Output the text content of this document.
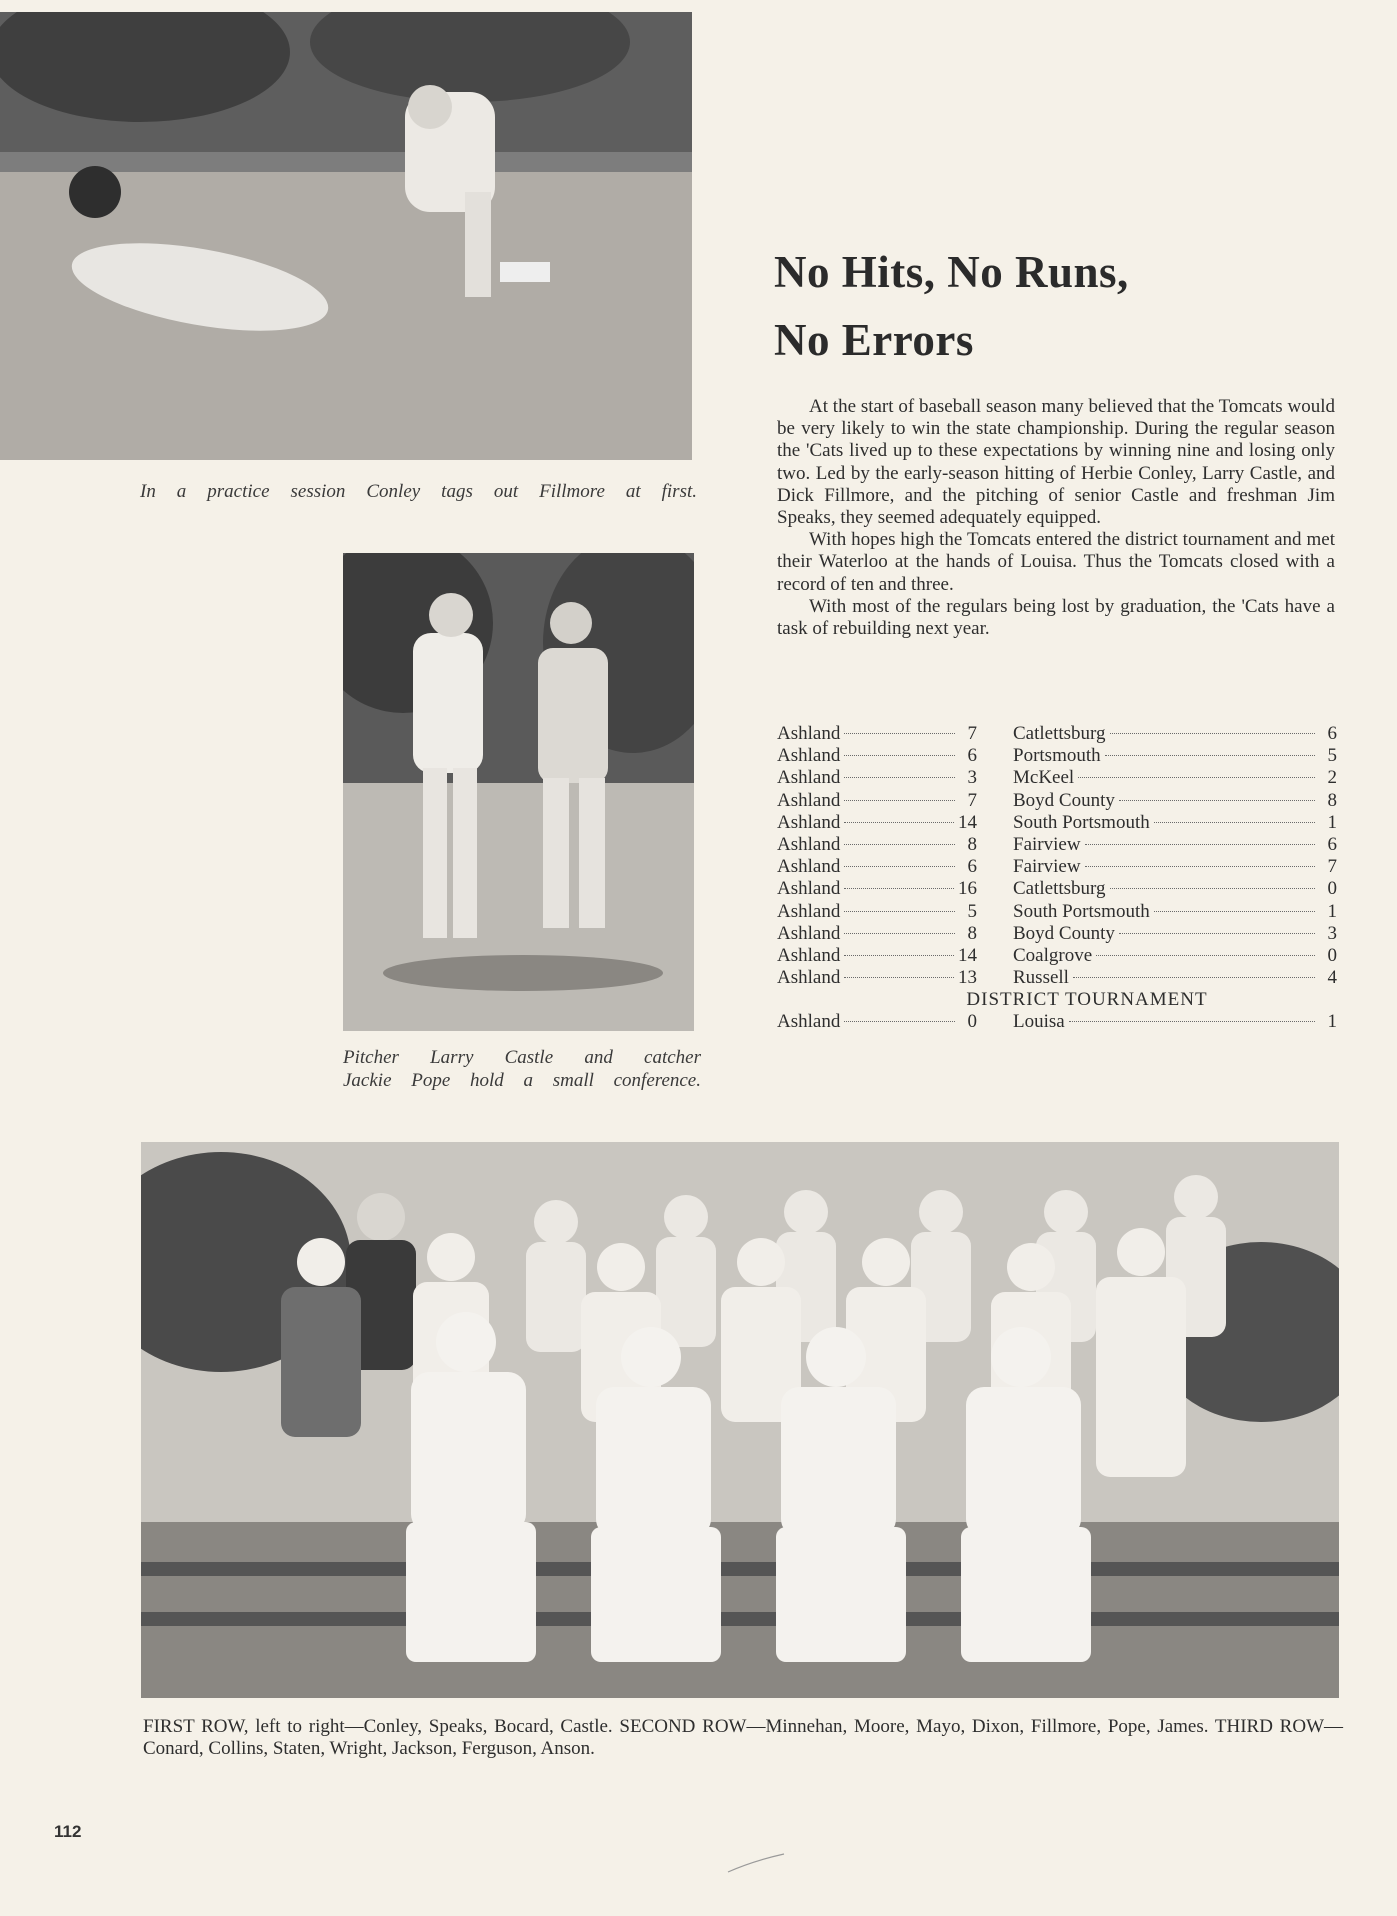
In a practice session Conley tags out Fillmore at first.
Pitcher Larry Castle and catcher
Jackie Pope hold a small conference.
No Hits, No Runs,
No Errors

At the start of baseball season many believed that the Tomcats would be very likely to win the state championship. During the regular season the 'Cats lived up to these expectations by winning nine and losing only two. Led by the early-season hitting of Herbie Conley, Larry Castle, and Dick Fillmore, and the pitching of senior Castle and freshman Jim Speaks, they seemed adequately equipped.

With hopes high the Tomcats entered the district tournament and met their Waterloo at the hands of Louisa. Thus the Tomcats closed with a record of ten and three.

With most of the regulars being lost by graduation, the 'Cats have a task of rebuilding next year.

Ashland	7 Catlettsburg	6
Ashland	6 Portsmouth	5
Ashland	3 McKeel	2
Ashland	7 Boyd County	8
Ashland	14 South Portsmouth	1
Ashland	8 Fairview	6
Ashland	6 Fairview	7
Ashland	16 Catlettsburg	0
Ashland	5 South Portsmouth	1
Ashland	8 Boyd County	3
Ashland	14 Coalgrove	0
Ashland	13 Russell	4
DISTRICT TOURNAMENT
Ashland	0 Louisa	1
FIRST ROW, left to right—Conley, Speaks, Bocard, Castle. SECOND ROW—Minnehan, Moore, Mayo, Dixon, Fillmore, Pope, James. THIRD ROW—Conard, Collins, Staten, Wright, Jackson, Ferguson, Anson.
112
